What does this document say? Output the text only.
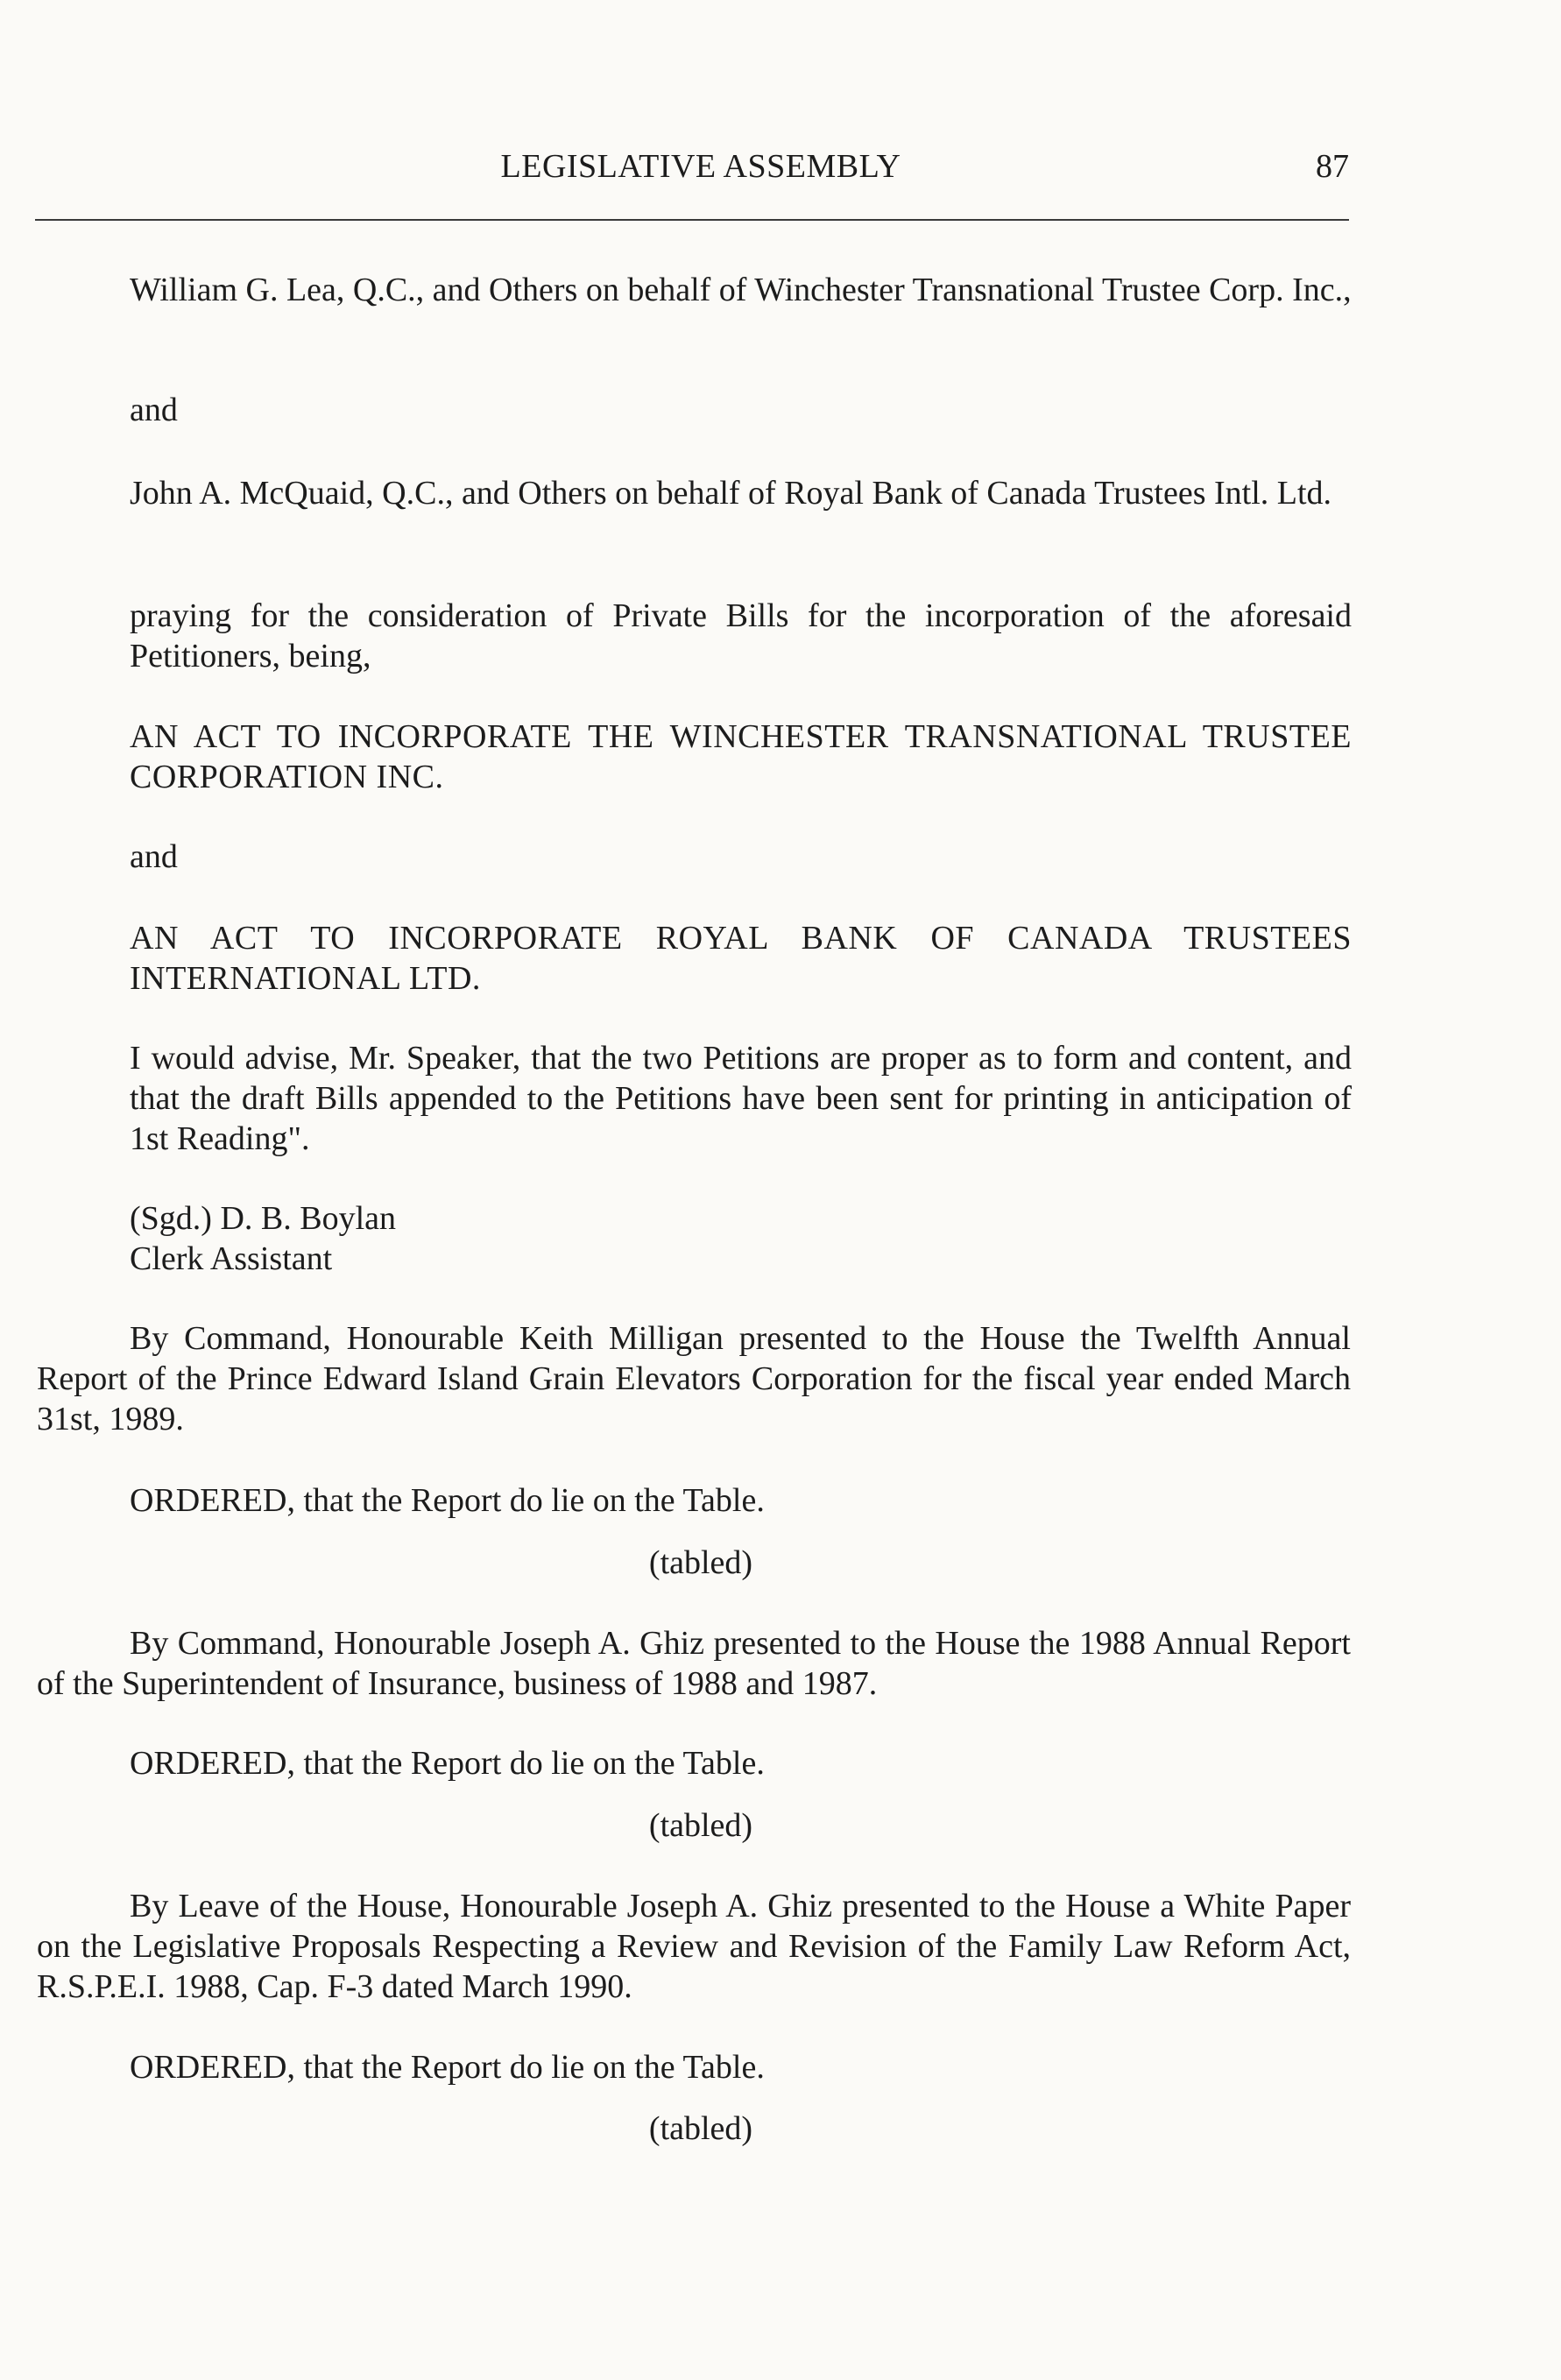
LEGISLATIVE ASSEMBLY	87
William G. Lea, Q.C., and Others on behalf of Winchester Transnational Trustee Corp. Inc.,
and
John A. McQuaid, Q.C., and Others on behalf of Royal Bank of Canada Trustees Intl. Ltd.
praying for the consideration of Private Bills for the incorporation of the aforesaid Petitioners, being,
AN ACT TO INCORPORATE THE WINCHESTER TRANSNATIONAL TRUSTEE CORPORATION INC.
and
AN ACT TO INCORPORATE ROYAL BANK OF CANADA TRUSTEES INTERNATIONAL LTD.
I would advise, Mr. Speaker, that the two Petitions are proper as to form and content, and that the draft Bills appended to the Petitions have been sent for printing in anticipation of 1st Reading".
(Sgd.) D. B. Boylan
Clerk Assistant
By Command, Honourable Keith Milligan presented to the House the Twelfth Annual Report of the Prince Edward Island Grain Elevators Corporation for the fiscal year ended March 31st, 1989.
ORDERED, that the Report do lie on the Table.
(tabled)
By Command, Honourable Joseph A. Ghiz presented to the House the 1988 Annual Report of the Superintendent of Insurance, business of 1988 and 1987.
ORDERED, that the Report do lie on the Table.
(tabled)
By Leave of the House, Honourable Joseph A. Ghiz presented to the House a White Paper on the Legislative Proposals Respecting a Review and Revision of the Family Law Reform Act, R.S.P.E.I. 1988, Cap. F-3 dated March 1990.
ORDERED, that the Report do lie on the Table.
(tabled)
